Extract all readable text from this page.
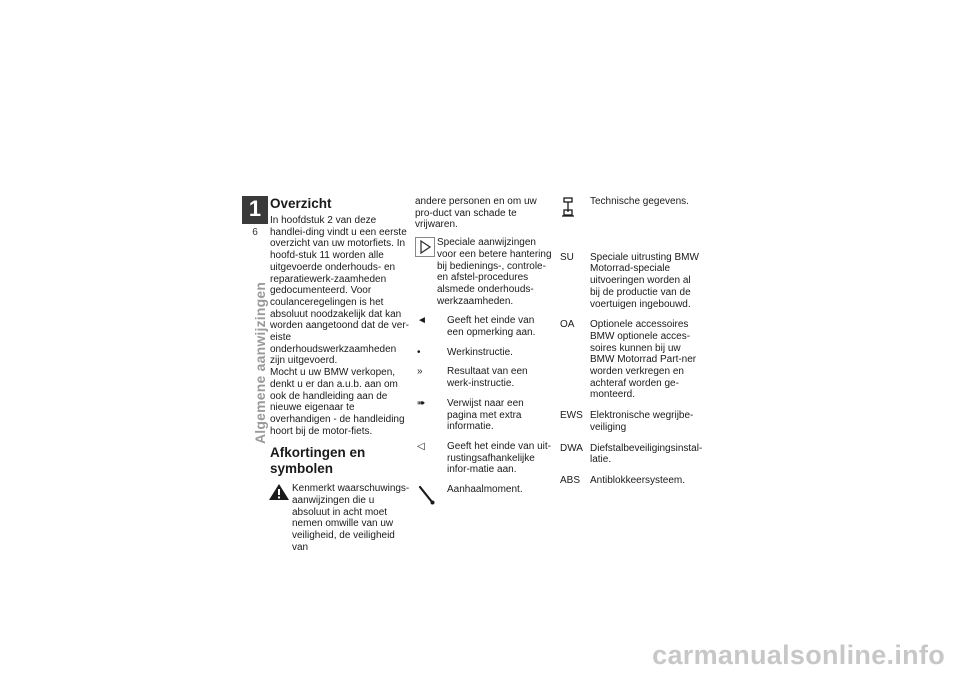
1
6
Algemene aanwijzingen
Overzicht

In hoofdstuk 2 van deze handlei-ding vindt u een eerste overzicht van uw motorfiets. In hoofd-stuk 11 worden alle uitgevoerde onderhouds- en reparatiewerk-zaamheden gedocumenteerd. Voor coulanceregelingen is het absoluut noodzakelijk dat kan worden aangetoond dat de ver-eiste onderhoudswerkzaamheden zijn uitgevoerd.

Mocht u uw BMW verkopen, denkt u er dan a.u.b. aan om ook de handleiding aan de nieuwe eigenaar te overhandigen - de handleiding hoort bij de motor-fiets.

Afkortingen en symbolen

Kenmerkt waarschuwings-aanwijzingen die u absoluut in acht moet nemen omwille van uw veiligheid, de veiligheid van

andere personen en om uw pro-duct van schade te vrijwaren.

Speciale aanwijzingen voor een betere hantering bij bedienings-, controle- en afstel-procedures alsmede onderhouds-werkzaamheden.

◄	Geeft het einde van een opmerking aan.
•	Werkinstructie.
»	Resultaat van een werk-instructie.
➠	Verwijst naar een pagina met extra informatie.
◁	Geeft het einde van uit-rustingsafhankelijke infor-matie aan.
Aanhaalmoment.
Technische gegevens.
SU	Speciale uitrusting BMW Motorrad-speciale uitvoeringen worden al bij de productie van de voertuigen ingebouwd.
OA	Optionele accessoires BMW optionele acces-soires kunnen bij uw BMW Motorrad Part-ner worden verkregen en achteraf worden ge-monteerd.
EWS Elektronische wegrijbe-veiliging
DWA Diefstalbeveiligingsinstal-latie.
ABS Antiblokkeersysteem.
carmanualsonline.info
